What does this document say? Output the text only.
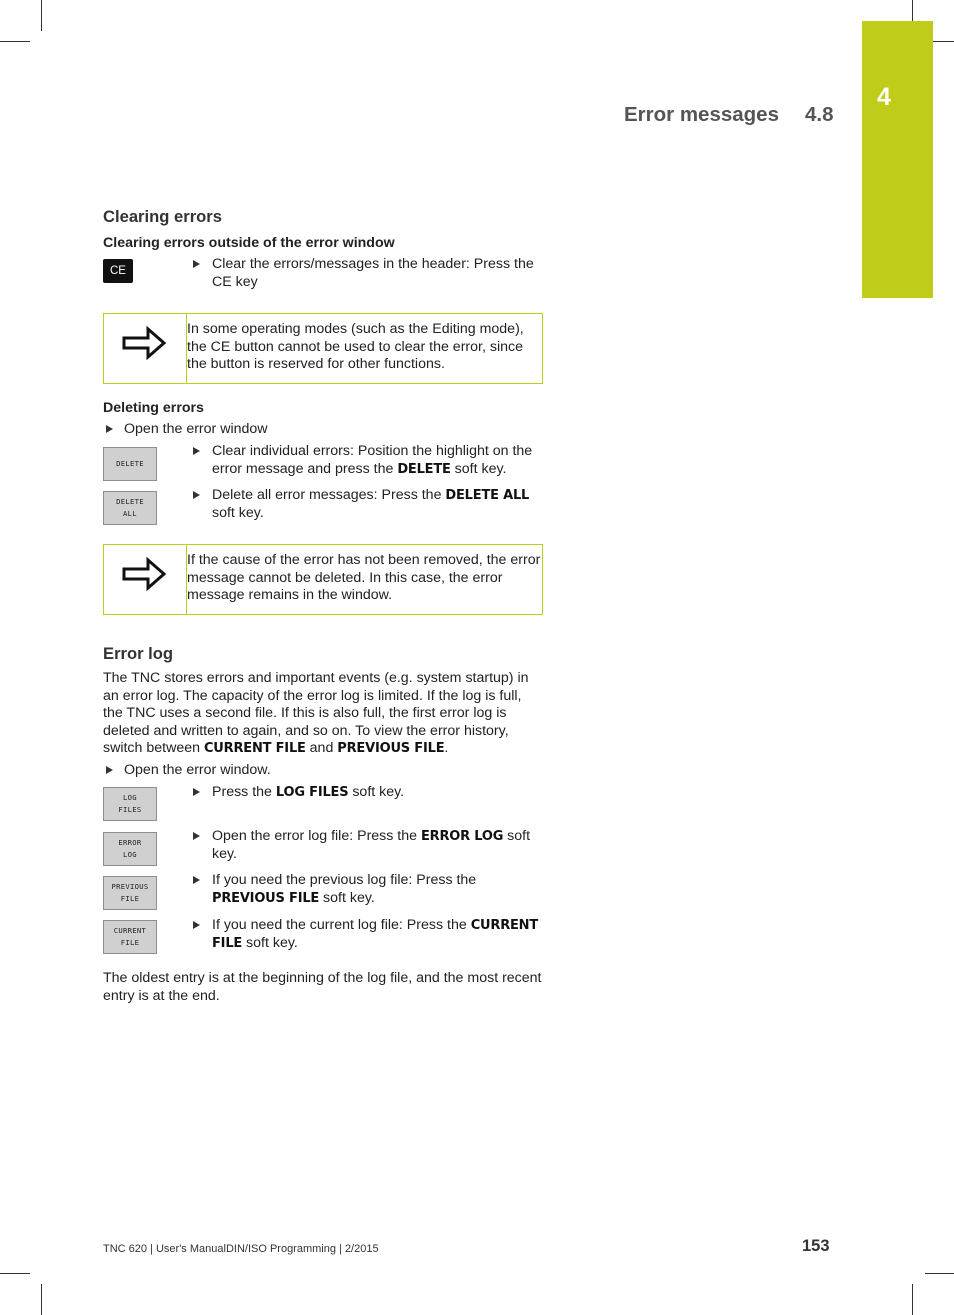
4
Error messages 4.8
Clearing errors
Clearing errors outside of the error window
CE	Clear the errors/messages in the header: Press the CE key
In some operating modes (such as the Editing mode), the CE button cannot be used to clear the error, since the button is reserved for other functions.
Deleting errors
Open the error window
DELETE
Clear individual errors: Position the highlight on the error message and press the DELETE soft key.
DELETE
ALL
Delete all error messages: Press the DELETE ALL soft key.
If the cause of the error has not been removed, the error message cannot be deleted. In this case, the error message remains in the window.
Error log
The TNC stores errors and important events (e.g. system startup) in an error log. The capacity of the error log is limited. If the log is full, the TNC uses a second file. If this is also full, the first error log is deleted and written to again, and so on. To view the error history, switch between CURRENT FILE and PREVIOUS FILE.
Open the error window.
LOG
FILES
Press the LOG FILES soft key.
ERROR
LOG
Open the error log file: Press the ERROR LOG soft key.
PREVIOUS
FILE
If you need the previous log file: Press the PREVIOUS FILE soft key.
CURRENT
FILE
If you need the current log file: Press the CURRENT FILE soft key.
The oldest entry is at the beginning of the log file, and the most recent entry is at the end.
TNC 620 | User's ManualDIN/ISO Programming | 2/2015	153
